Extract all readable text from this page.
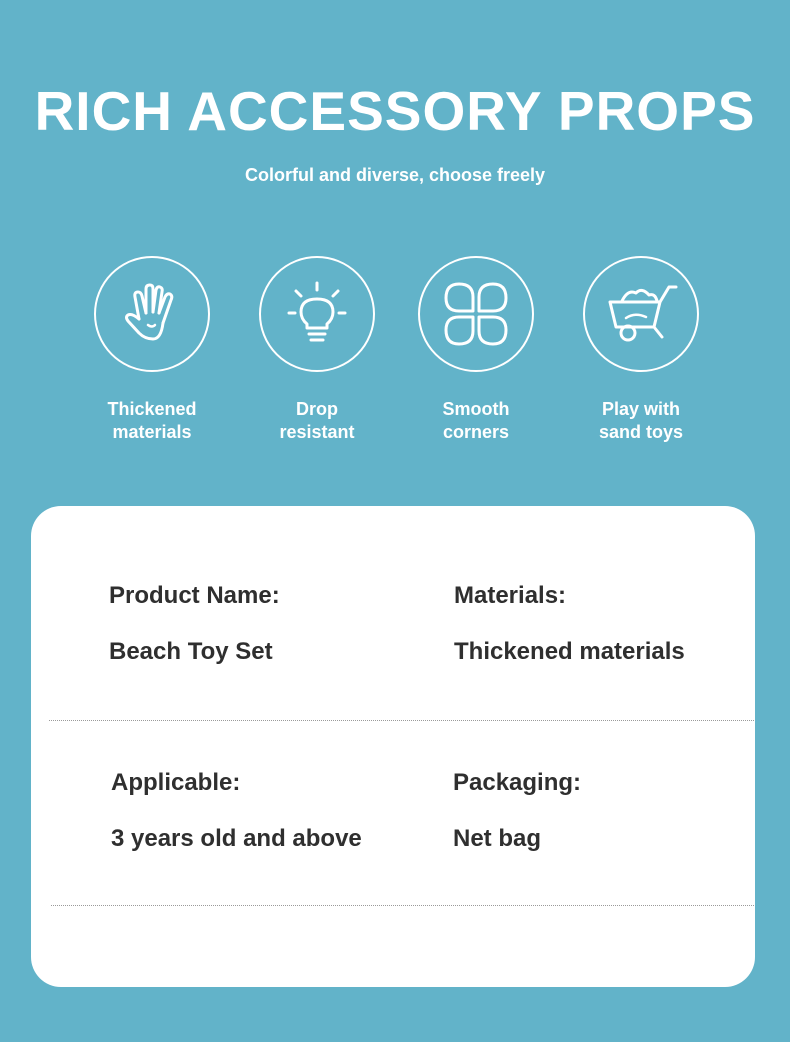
RICH ACCESSORY PROPS
Colorful and diverse, choose freely
Thickened
materials
Drop
resistant
Smooth
corners
Play with
sand toys
Product Name:
Beach Toy Set
Materials:
Thickened materials
Applicable:
3 years old and above
Packaging:
Net bag
